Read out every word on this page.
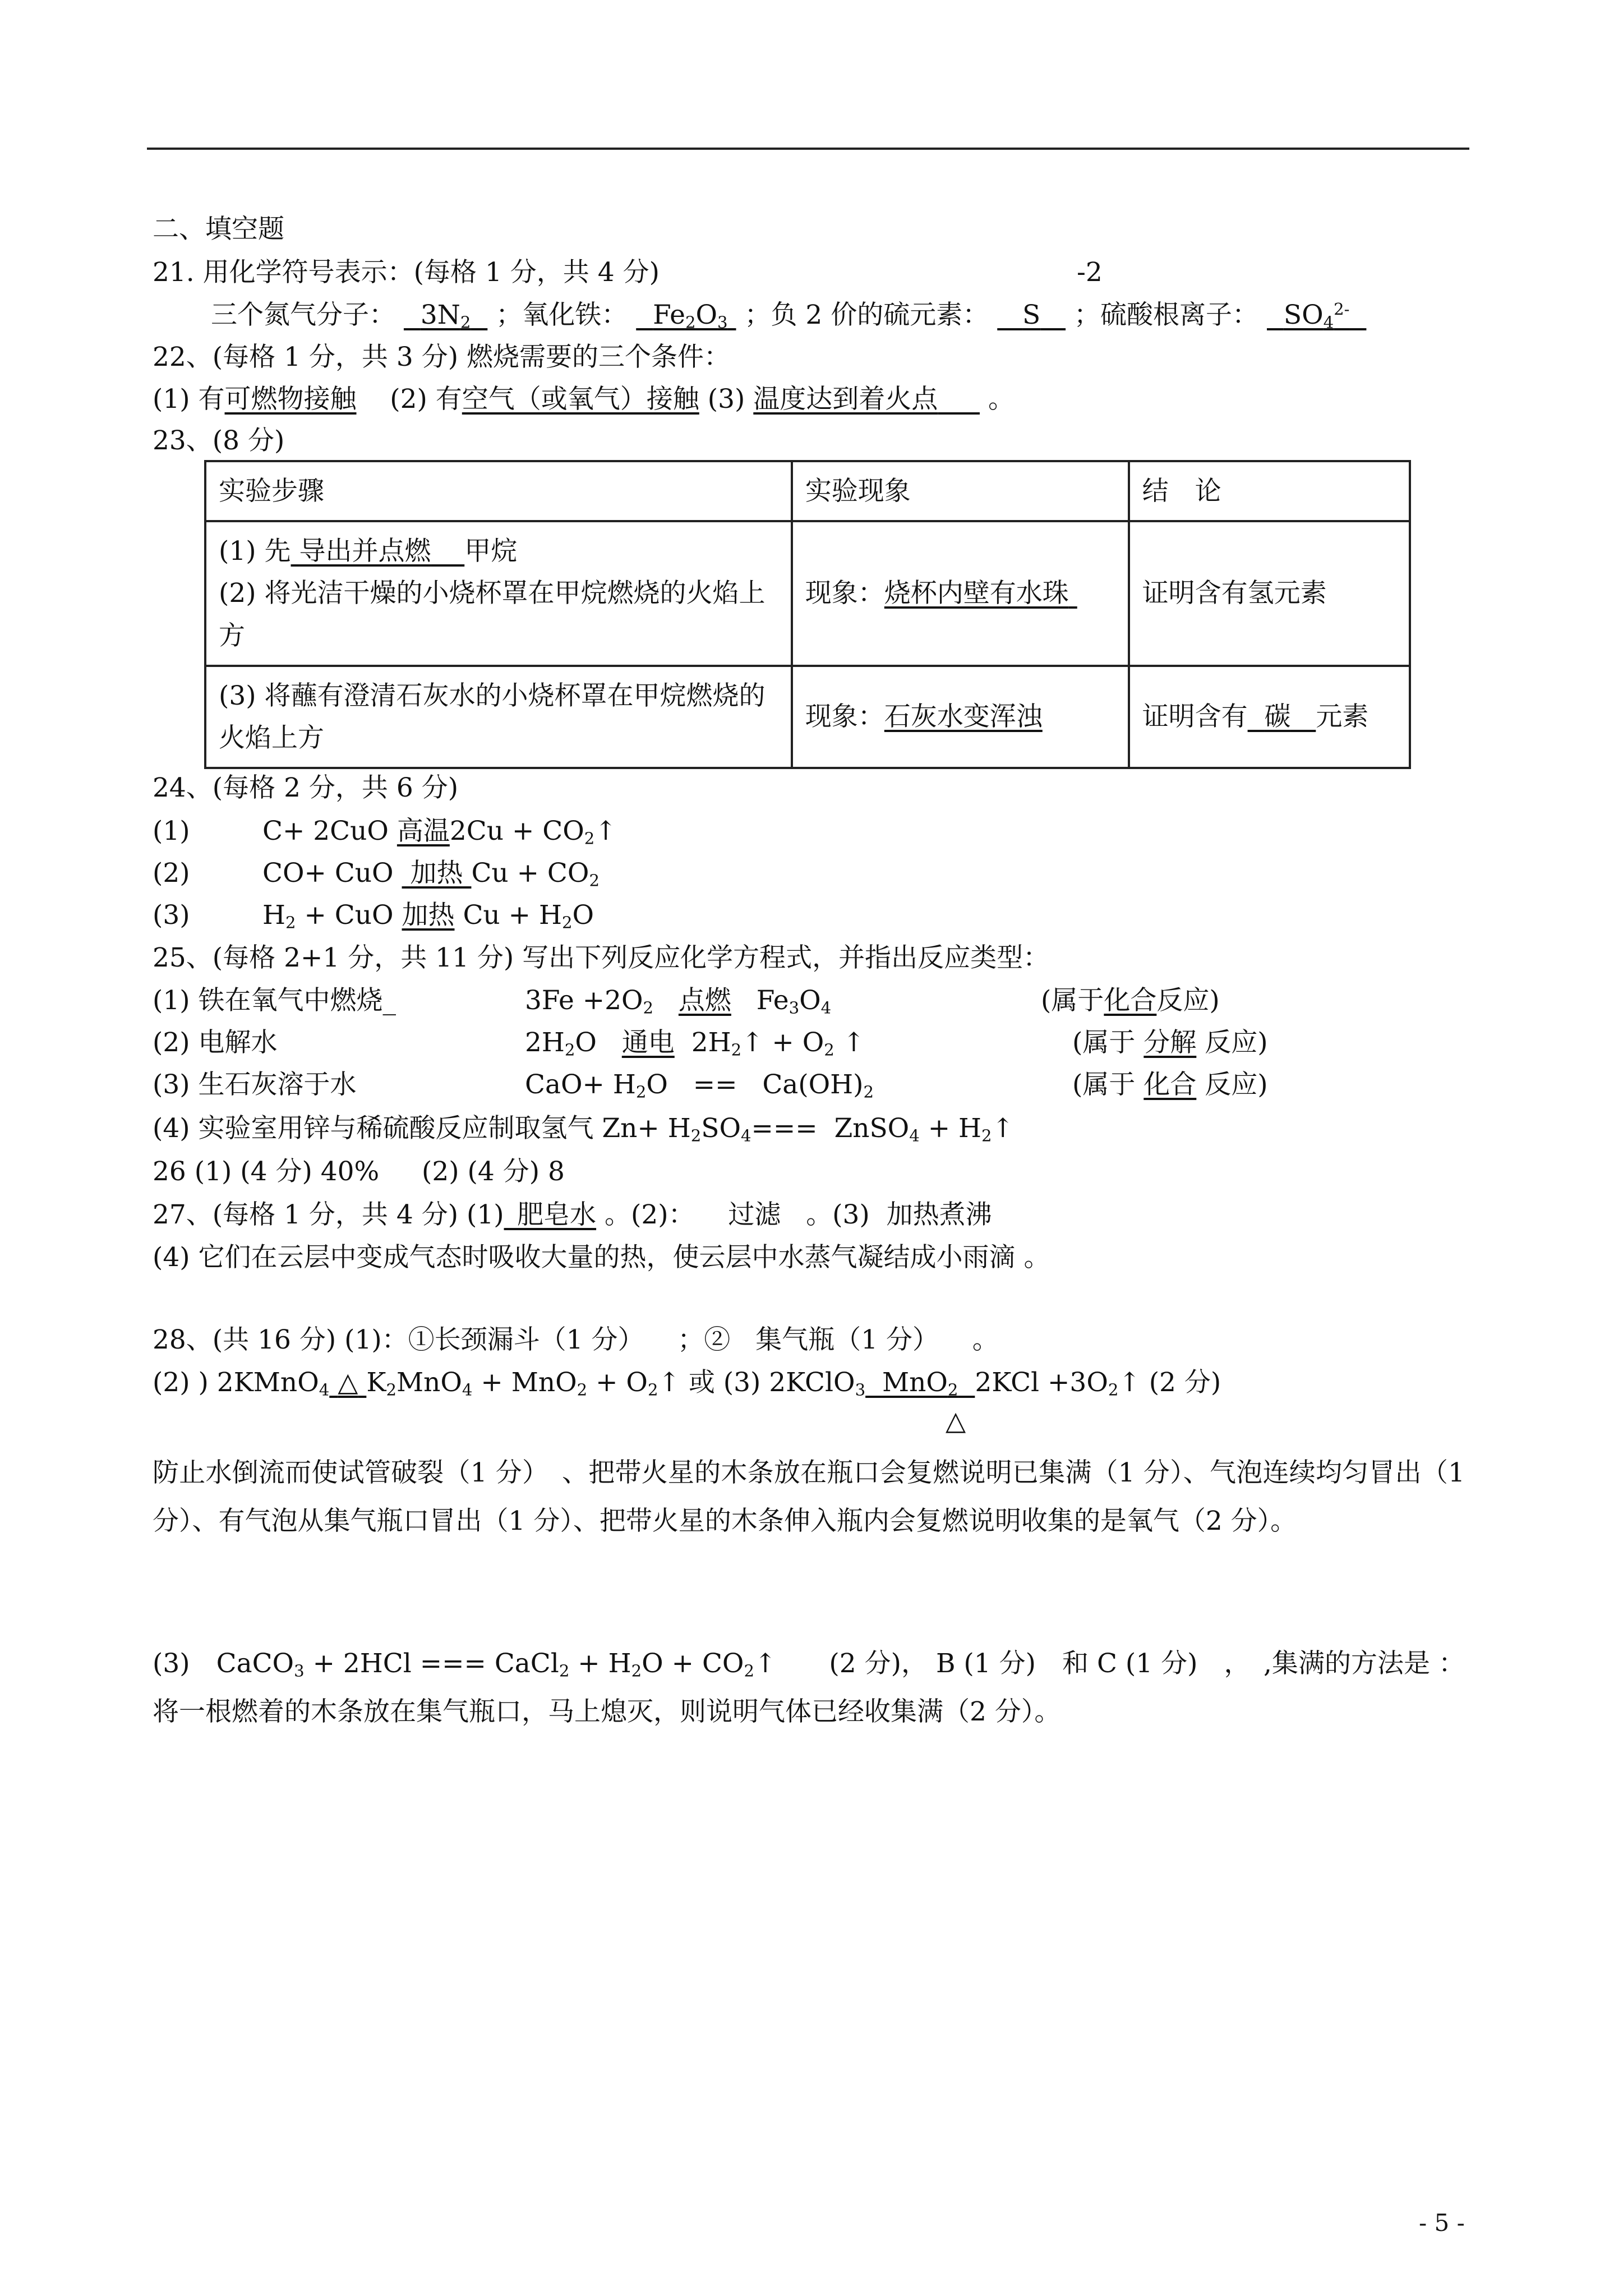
二、填空题
21. 用化学符号表示：(每格 1 分，共 4 分)	-2
三个氮气分子： $3N_2$ ；氧化铁： $Fe_2O_3$ ；负 2 价的硫元素： S ；硫酸根离子： $SO_4^{2-}$
22、(每格 1 分，共 3 分) 燃烧需要的三个条件：
(1) 有可燃物接触 (2) 有空气（或氧气）接触 (3) 温度达到着火点 。
23、(8 分)
实验步骤	实验现象	结　论

(1) 先 导出并点燃 甲烷
(2) 将光洁干燥的小烧杯罩在甲烷燃烧的火焰上方	现象：烧杯内壁有水珠	证明含有氢元素
(3) 将蘸有澄清石灰水的小烧杯罩在甲烷燃烧的火焰上方	现象：石灰水变浑浊	证明含有 碳 元素
24、(每格 2 分，共 6 分)
(1)	C+ 2CuO 高温$2Cu + CO_2↑$
(2)	CO+ CuO  加热 $Cu + CO_2$
(3)	$H_2$ + CuO 加热 $Cu + H_2O$
25、(每格 2+1 分，共 11 分) 写出下列反应化学方程式，并指出反应类型：
(1) 铁在氧气中燃烧_	$3Fe +2O_2$ 点燃 $Fe_3O_4$	(属于化合反应)
(2) 电解水	$2H_2O$ 通电 $2H_2↑ + O_2$ ↑	(属于 分解 反应)
(3) 生石灰溶于水	$CaO+ H_2O == Ca(OH)_2$	(属于 化合 反应)
(4) 实验室用锌与稀硫酸反应制取氢气 $Zn+ H_2SO_4===$ ZnSO$_4$ + $H_2↑$
26 (1) (4 分) 40% (2) (4 分) 8
27、(每格 1 分，共 4 分) (1)_肥皂水 。(2)： 过滤 。(3) 加热煮沸
(4) 它们在云层中变成气态时吸收大量的热，使云层中水蒸气凝结成小雨滴 。
28、(共 16 分) (1)：①长颈漏斗（1 分） ；② 集气瓶（1 分） 。
(2) ) 2KMnO$_4$ △ $K_2MnO_4 + MnO_2$ + $O_2↑$ 或 (3) 2KClO$_3$ MnO$_2$ $2KCl +3O_2↑$ (2 分)
△
防止水倒流而使试管破裂（1 分）　、把带火星的木条放在瓶口会复燃说明已集满（1 分）、气泡连续均匀冒出（1 分）、有气泡从集气瓶口冒出（1 分）、把带火星的木条伸入瓶内会复燃说明收集的是氧气（2 分）。
(3)　CaCO$_3$ + 2HCl === CaCl$_2$ + $H_2O$ + $CO_2↑$　　(2 分)， B (1 分)　和 C (1 分)　，　,集满的方法是 ：将一根燃着的木条放在集气瓶口，马上熄灭，则说明气体已经收集满（2 分）。
- 5 -
